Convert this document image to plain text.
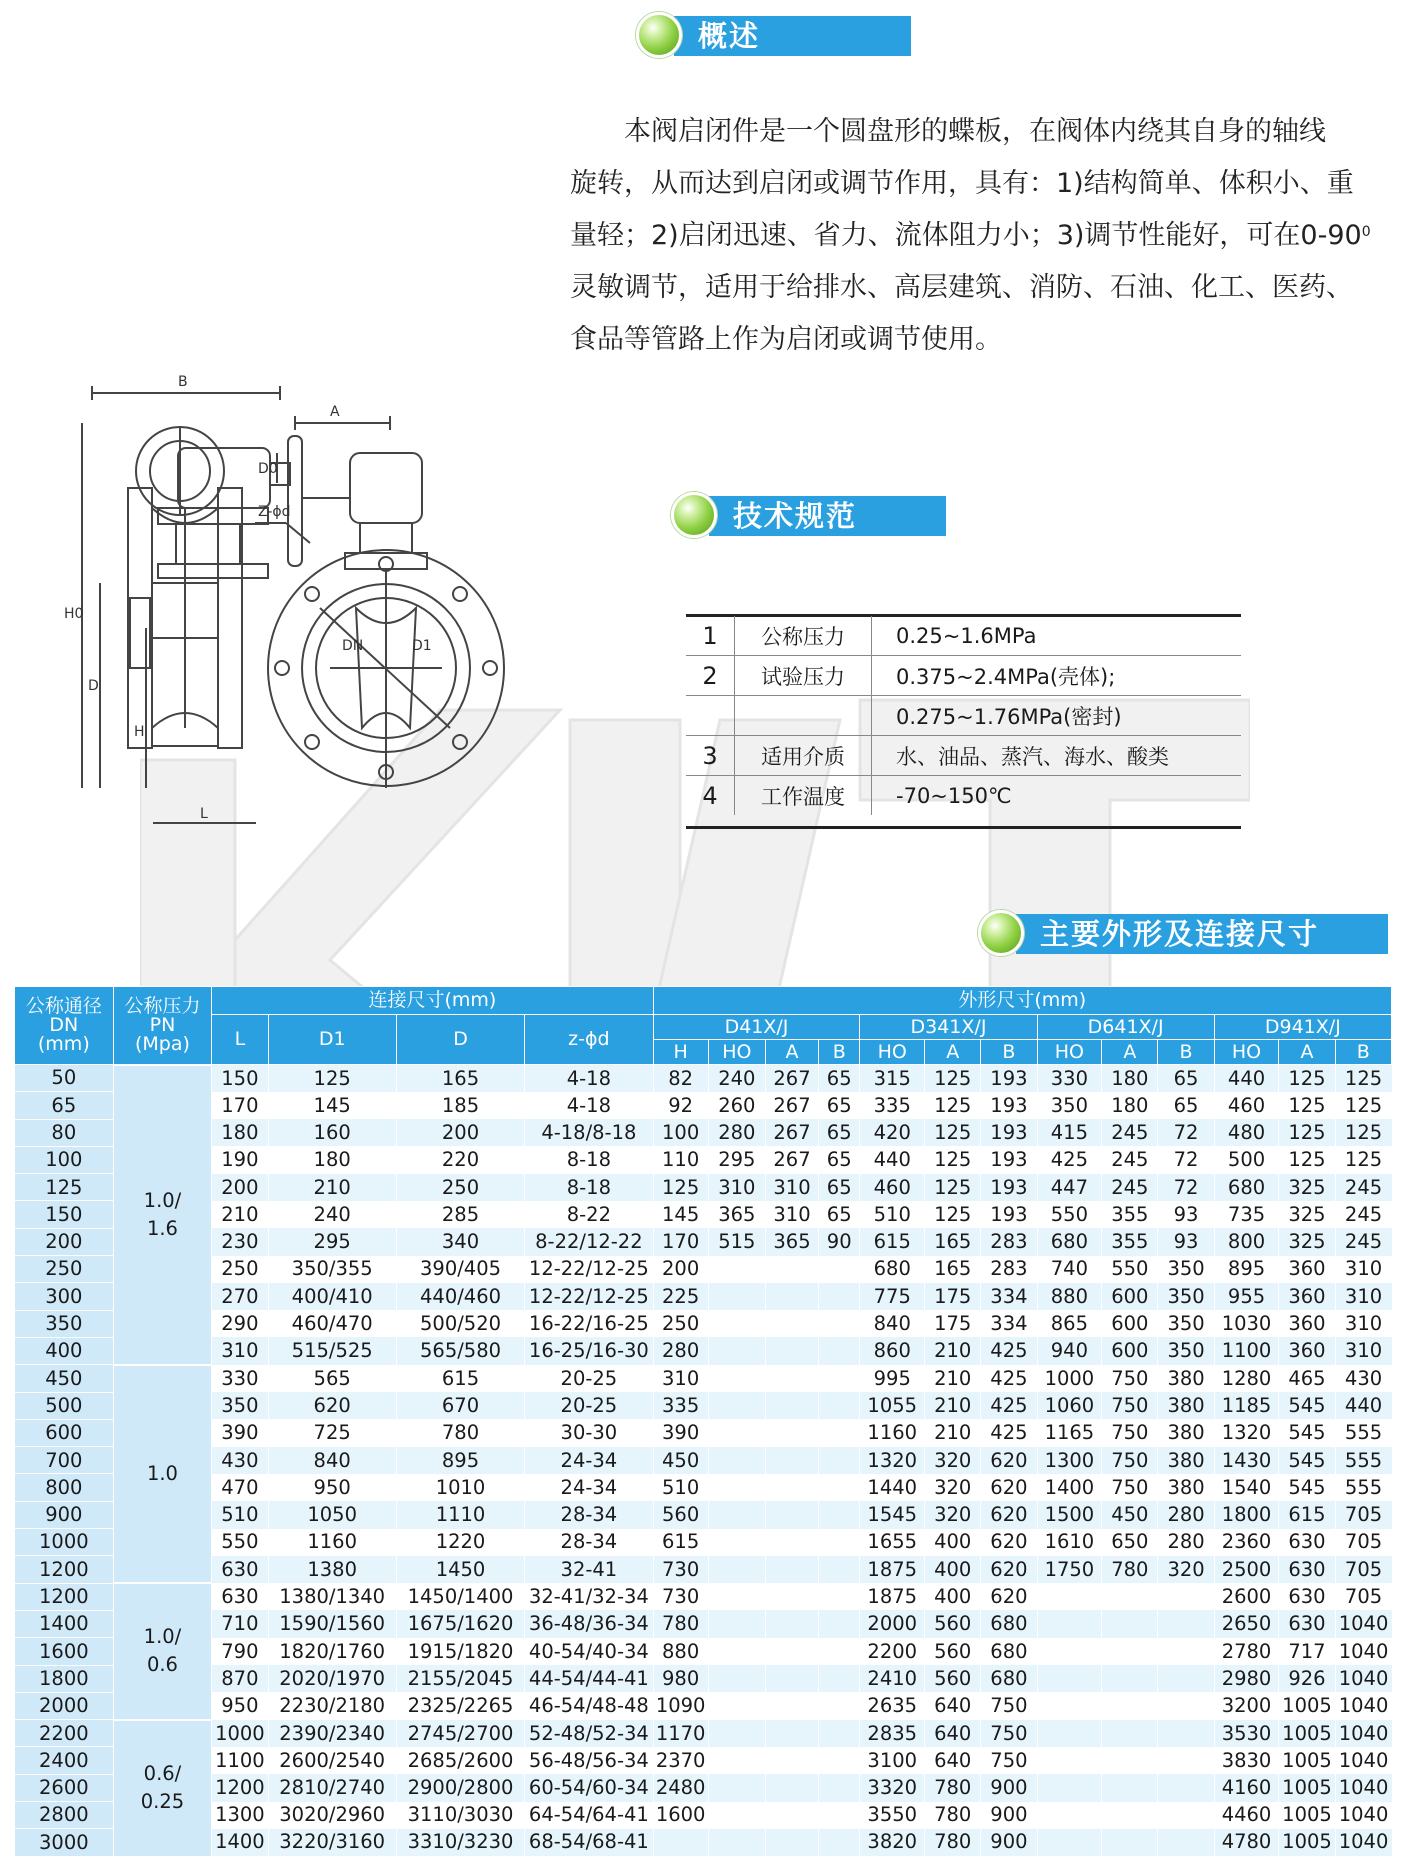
概述

本阀启闭件是一个圆盘形的蝶板，在阀体内绕其自身的轴线

旋转，从而达到启闭或调节作用，具有：1)结构简单、体积小、重

量轻；2)启闭迅速、省力、流体阻力小；3)调节性能好，可在$0-90^0$

灵敏调节，适用于给排水、高层建筑、消防、石油、化工、医药、

食品等管路上作为启闭或调节使用。

B
A
D0
H0
D
H
L
Z-ϕd
DN	D1
技术规范
1	公称压力	0.25~1.6MPa
2	试验压力	0.375~2.4MPa(壳体);
		0.275~1.76MPa(密封)
3	适用介质	水、油品、蒸汽、海水、酸类
4	工作温度	-70~150℃
主要外形及连接尺寸
公称通径
DN
(mm)	公称压力
PN
(Mpa)	连接尺寸(mm)				外形尺寸(mm)												
		L	D1	D	z-ϕd	D41X/J				D341X/J			D641X/J			D941X/J		
						H	HO	A	B	HO	A	B	HO	A	B	HO	A	B
50	1.0/
1.6	150	125	165	4-18	82	240	267	65	315	125	193	330	180	65	440	125	125
65		170	145	185	4-18	92	260	267	65	335	125	193	350	180	65	460	125	125
80		180	160	200	4-18/8-18	100	280	267	65	420	125	193	415	245	72	480	125	125
100		190	180	220	8-18	110	295	267	65	440	125	193	425	245	72	500	125	125
125		200	210	250	8-18	125	310	310	65	460	125	193	447	245	72	680	325	245
150		210	240	285	8-22	145	365	310	65	510	125	193	550	355	93	735	325	245
200		230	295	340	8-22/12-22	170	515	365	90	615	165	283	680	355	93	800	325	245
250		250	350/355	390/405	12-22/12-25	200				680	165	283	740	550	350	895	360	310
300		270	400/410	440/460	12-22/12-25	225				775	175	334	880	600	350	955	360	310
350		290	460/470	500/520	16-22/16-25	250				840	175	334	865	600	350	1030	360	310
400		310	515/525	565/580	16-25/16-30	280				860	210	425	940	600	350	1100	360	310
450	1.0	330	565	615	20-25	310				995	210	425	1000	750	380	1280	465	430
500		350	620	670	20-25	335				1055	210	425	1060	750	380	1185	545	440
600		390	725	780	30-30	390				1160	210	425	1165	750	380	1320	545	555
700		430	840	895	24-34	450				1320	320	620	1300	750	380	1430	545	555
800		470	950	1010	24-34	510				1440	320	620	1400	750	380	1540	545	555
900		510	1050	1110	28-34	560				1545	320	620	1500	450	280	1800	615	705
1000		550	1160	1220	28-34	615				1655	400	620	1610	650	280	2360	630	705
1200		630	1380	1450	32-41	730				1875	400	620	1750	780	320	2500	630	705
1200	1.0/
0.6	630	1380/1340	1450/1400	32-41/32-34	730				1875	400	620				2600	630	705
1400		710	1590/1560	1675/1620	36-48/36-34	780				2000	560	680				2650	630	1040
1600		790	1820/1760	1915/1820	40-54/40-34	880				2200	560	680				2780	717	1040
1800		870	2020/1970	2155/2045	44-54/44-41	980				2410	560	680				2980	926	1040
2000		950	2230/2180	2325/2265	46-54/48-48	1090				2635	640	750				3200	1005	1040
2200	0.6/
0.25	1000	2390/2340	2745/2700	52-48/52-34	1170				2835	640	750				3530	1005	1040
2400		1100	2600/2540	2685/2600	56-48/56-34	2370				3100	640	750				3830	1005	1040
2600		1200	2810/2740	2900/2800	60-54/60-34	2480				3320	780	900				4160	1005	1040
2800		1300	3020/2960	3110/3030	64-54/64-41	1600				3550	780	900				4460	1005	1040
3000		1400	3220/3160	3310/3230	68-54/68-41					3820	780	900				4780	1005	1040
